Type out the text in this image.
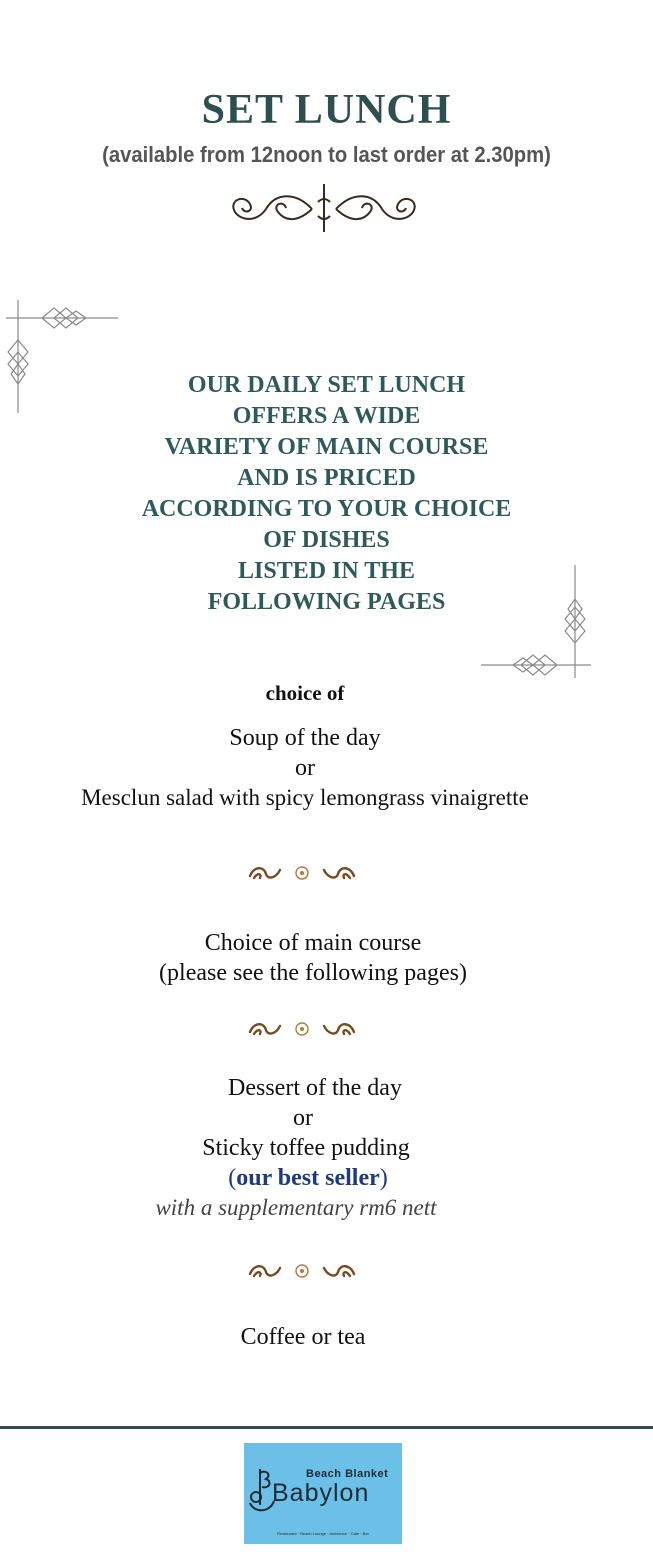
SET LUNCH
(available from 12noon to last order at 2.30pm)
OUR DAILY SET LUNCH
OFFERS A WIDE
VARIETY OF MAIN COURSE
AND IS PRICED
ACCORDING TO YOUR CHOICE
OF DISHES
LISTED IN THE
FOLLOWING PAGES
choice of
Soup of the day
or
Mesclun salad with spicy lemongrass vinaigrette
Choice of main course
(please see the following pages)
Dessert of the day
or
Sticky toffee pudding
(our best seller)
with a supplementary rm6 nett
Coffee or tea
Beach Blanket
Babylon
Restaurant · Beach Lounge · Ambience · Cafe · Bar
